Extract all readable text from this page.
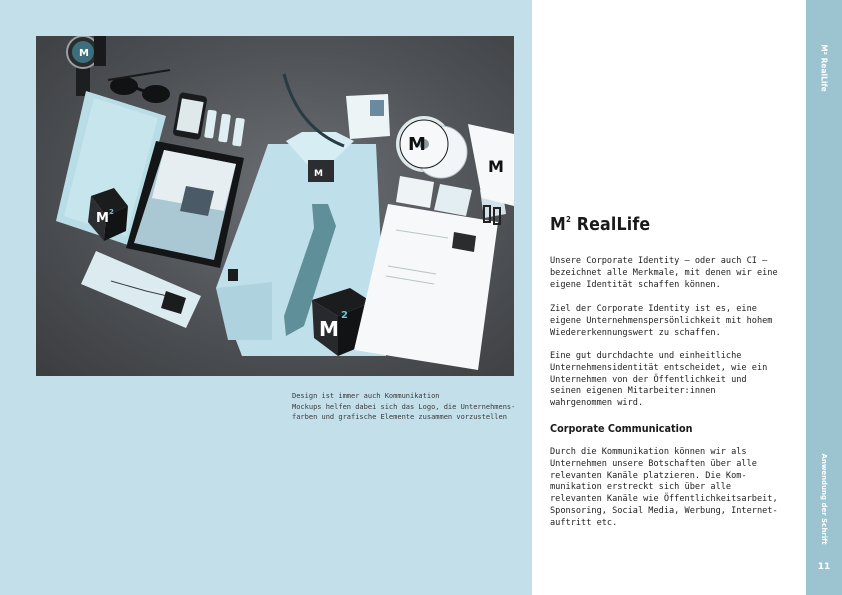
M
M 2
M
M
2
M
M
Design ist immer auch Kommunikation
Mockups helfen dabei sich das Logo, die Unternehmens-
farben und grafische Elemente zusammen vorzustellen
$M^2$ RealLife
Unsere Corporate Identity – oder auch CI –
bezeichnet alle Merkmale, mit denen wir eine
eigene Identität schaffen können.
Ziel der Corporate Identity ist es, eine
eigene Unternehmenspersönlichkeit mit hohem
Wiedererkennungswert zu schaffen.
Eine gut durchdachte und einheitliche
Unternehmensidentität entscheidet, wie ein
Unternehmen von der Öffentlichkeit und
seinen eigenen Mitarbeiter:innen
wahrgenommen wird.
Corporate Communication
Durch die Kommunikation können wir als
Unternehmen unsere Botschaften über alle
relevanten Kanäle platzieren. Die Kom-
munikation erstreckt sich über alle
relevanten Kanäle wie Öffentlichkeitsarbeit,
Sponsoring, Social Media, Werbung, Internet-
auftritt etc.
M² RealLife
Anwendung der Schrift
11
